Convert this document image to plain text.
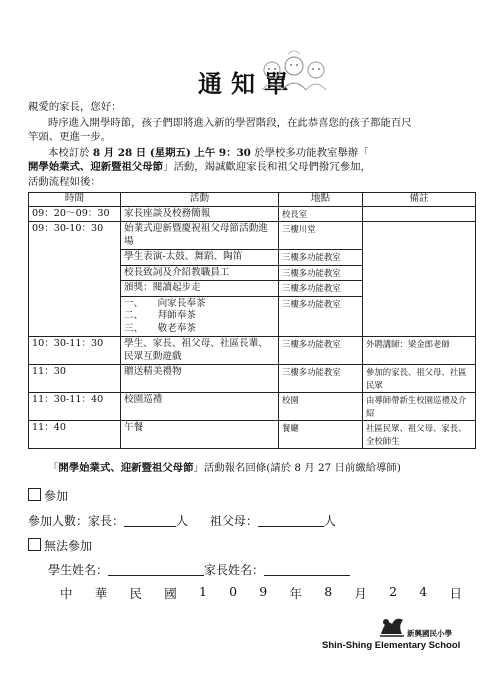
通知單
親愛的家長，您好：
時序進入開學時節，孩子們即將進入新的學習階段，在此恭喜您的孩子都能百尺
竿頭、更進一步。
本校訂於 8 月 28 日 (星期五) 上午 9：30 於學校多功能教室舉辦「
開學始業式、迎新暨祖父母節」活動，竭誠歡迎家長和祖父母們撥冗參加，
活動流程如後：
時間	活動	地點	備註
09：20～09：30	家長座談及校務簡報	校長室	
09：30-10：30	始業式迎新暨慶祝祖父母節活動進場	三樓川堂	
	學生表演-太鼓、舞蹈、陶笛	三樓多功能教室	
	校長致詞及介紹教職員工	三樓多功能教室	
	頒獎：閱讀起步走	三樓多功能教室	
	一、　　向家長奉茶
二、　　拜師奉茶
三、　　敬老奉茶	三樓多功能教室	
10：30-11：30	學生、家長、祖父母、社區長輩、民眾互動遊戲	三樓多功能教室	外聘講師：梁金郎老師
11：30	贈送精美禮物	三樓多功能教室	參加的家長、祖父母、社區民眾
11：30-11：40	校園巡禮	校園	由導師帶新生校園巡禮及介紹
11：40	午餐	餐廳	社區民眾、祖父母、家長、全校師生
「開學始業式、迎新暨祖父母節」活動報名回條(請於 8 月 27 日前繳給導師)
參加
參加人數：家長：	人 祖父母：	人
無法參加
學生姓名：	家長姓名：
中 華 民 國 1 0 9 年 8 月 2 4 日
新興國民小學
Shin-Shing Elementary School
